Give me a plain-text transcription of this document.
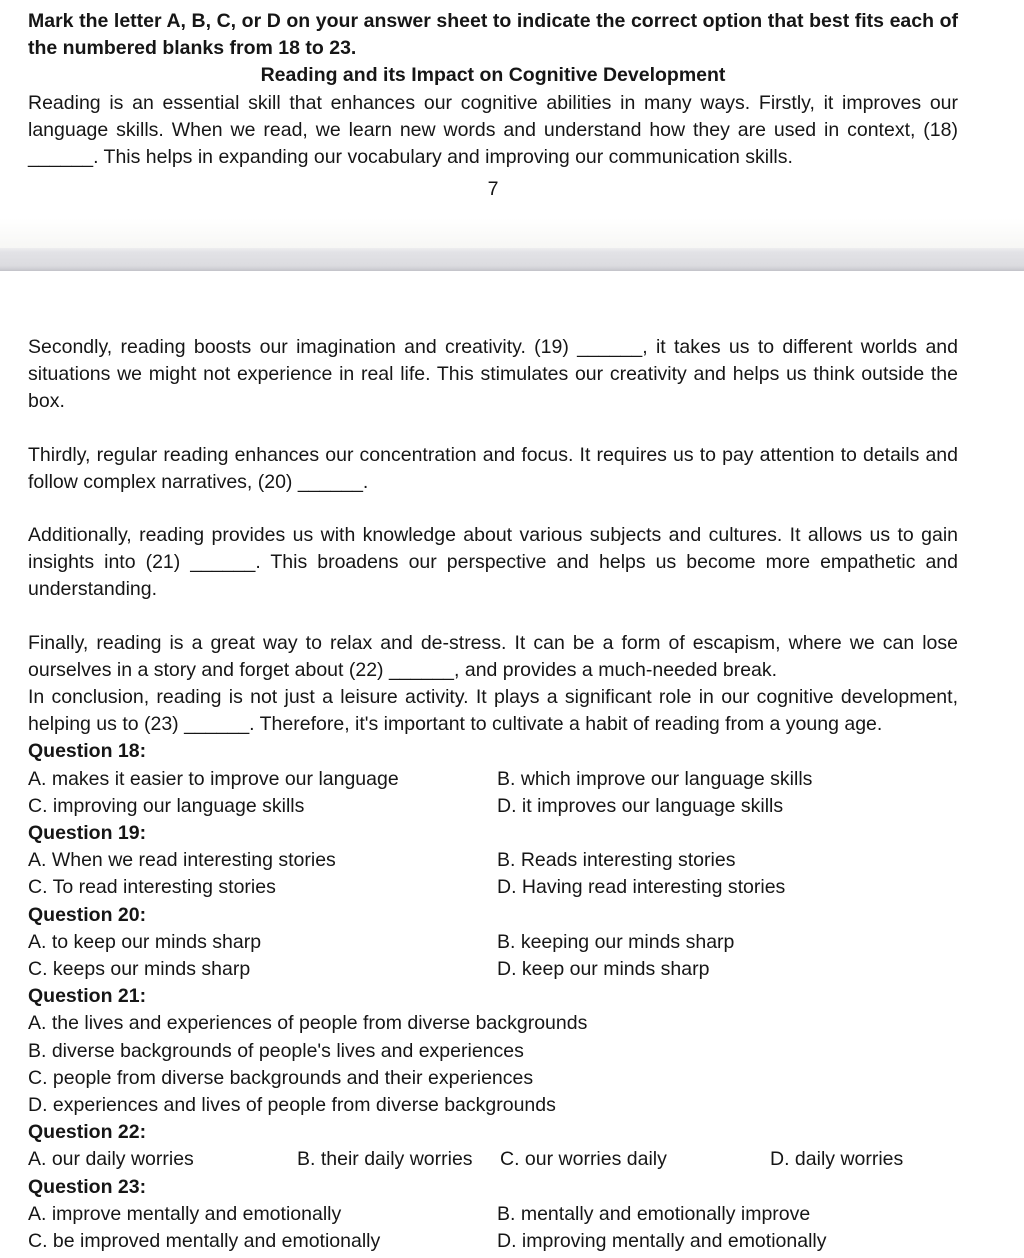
Mark the letter A, B, C, or D on your answer sheet to indicate the correct option that best fits each of the numbered blanks from 18 to 23.

Reading and its Impact on Cognitive Development

Reading is an essential skill that enhances our cognitive abilities in many ways. Firstly, it improves our language skills. When we read, we learn new words and understand how they are used in context, (18) ______. This helps in expanding our vocabulary and improving our communication skills.

7

Secondly, reading boosts our imagination and creativity. (19) ______, it takes us to different worlds and situations we might not experience in real life. This stimulates our creativity and helps us think outside the box.

Thirdly, regular reading enhances our concentration and focus. It requires us to pay attention to details and follow complex narratives, (20) ______.

Additionally, reading provides us with knowledge about various subjects and cultures. It allows us to gain insights into (21) ______. This broadens our perspective and helps us become more empathetic and understanding.

Finally, reading is a great way to relax and de-stress. It can be a form of escapism, where we can lose ourselves in a story and forget about (22) ______, and provides a much-needed break.

In conclusion, reading is not just a leisure activity. It plays a significant role in our cognitive development, helping us to (23) ______. Therefore, it's important to cultivate a habit of reading from a young age.

Question 18:
A. makes it easier to improve our language	B. which improve our language skills
C. improving our language skills	D. it improves our language skills
Question 19:
A. When we read interesting stories	B. Reads interesting stories
C. To read interesting stories	D. Having read interesting stories
Question 20:
A. to keep our minds sharp	B. keeping our minds sharp
C. keeps our minds sharp	D. keep our minds sharp
Question 21:
A. the lives and experiences of people from diverse backgrounds
B. diverse backgrounds of people's lives and experiences
C. people from diverse backgrounds and their experiences
D. experiences and lives of people from diverse backgrounds
Question 22:
A. our daily worries	B. their daily worries	C. our worries daily	D. daily worries
Question 23:
A. improve mentally and emotionally	B. mentally and emotionally improve
C. be improved mentally and emotionally	D. improving mentally and emotionally
